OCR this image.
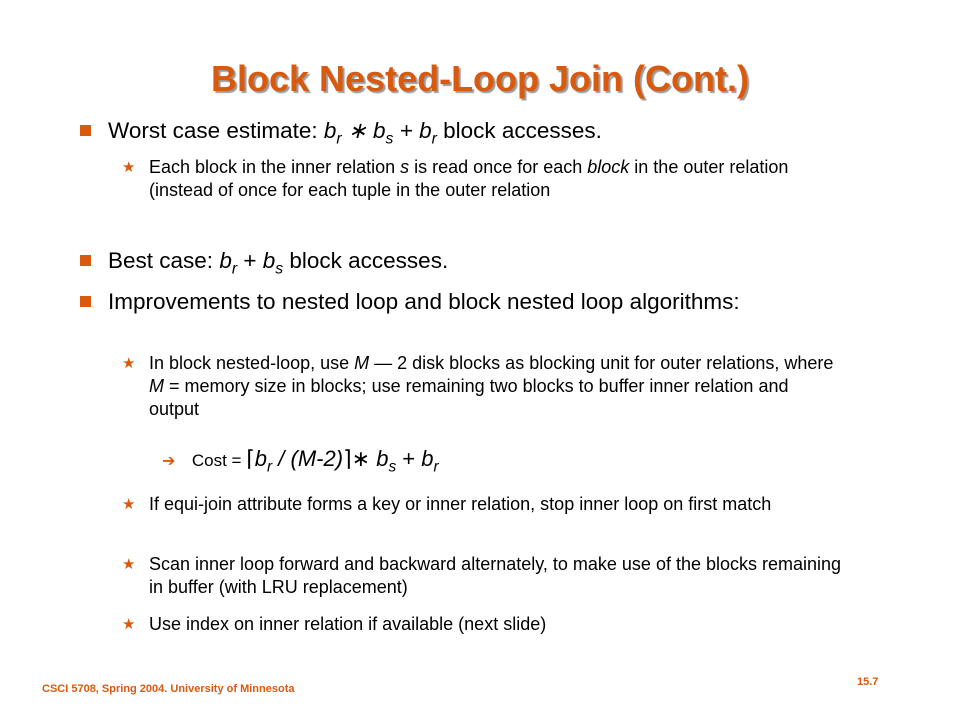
Block Nested-Loop Join (Cont.)
Worst case estimate: $b_r$ ∗ $b_s + b_r$ block accesses.
★ Each block in the inner relation s is read once for each block in the outer relation (instead of once for each tuple in the outer relation
Best case: $b_r + b_s$ block accesses.
Improvements to nested loop and block nested loop algorithms:
★ In block nested-loop, use M — 2 disk blocks as blocking unit for outer relations, where M = memory size in blocks; use remaining two blocks to buffer inner relation and output
➔ Cost = $⌈b_r$ / (M-2)⌉∗ $b_s + b_r$
★ If equi-join attribute forms a key or inner relation, stop inner loop on first match
★ Scan inner loop forward and backward alternately, to make use of the blocks remaining in buffer (with LRU replacement)
★ Use index on inner relation if available (next slide)
CSCI 5708, Spring 2004. University of Minnesota
15.7
